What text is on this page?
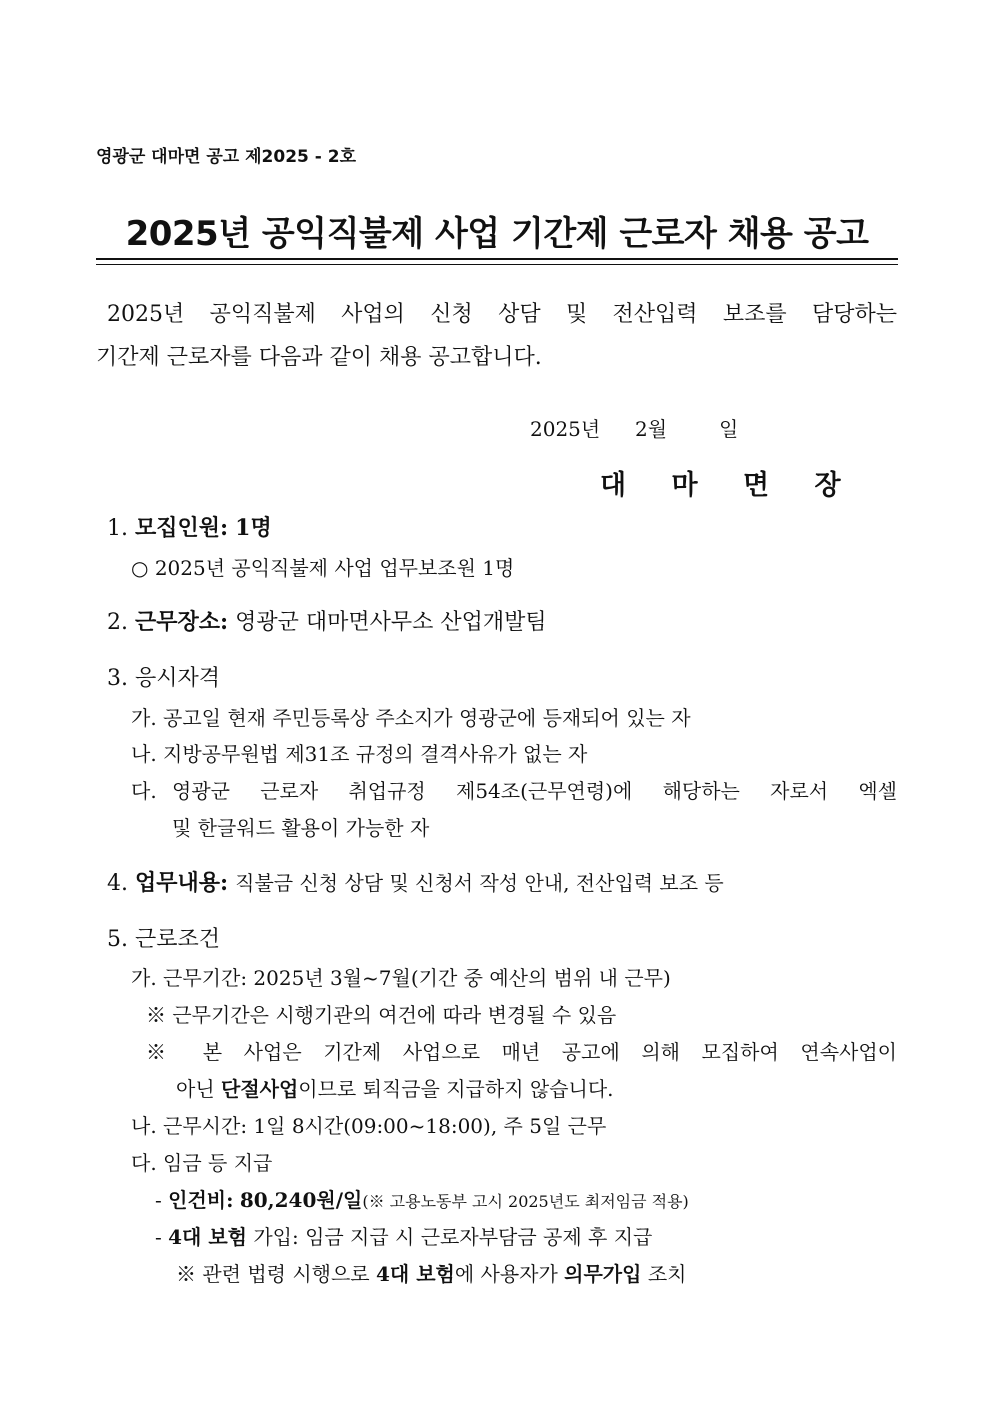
영광군 대마면 공고 제2025 - 2호
2025년 공익직불제 사업 기간제 근로자 채용 공고
2025년 공익직불제 사업의 신청 상담 및 전산입력 보조를 담당하는
기간제 근로자를 다음과 같이 채용 공고합니다.
2025년 2월	일
대 마 면 장
1. 모집인원: 1명
○ 2025년 공익직불제 사업 업무보조원 1명
2. 근무장소: 영광군 대마면사무소 산업개발팀
3. 응시자격
가. 공고일 현재 주민등록상 주소지가 영광군에 등재되어 있는 자
나. 지방공무원법 제31조 규정의 결격사유가 없는 자
다. 영광군 근로자 취업규정 제54조(근무연령)에 해당하는 자로서 엑셀
및 한글워드 활용이 가능한 자
4. 업무내용: 직불금 신청 상담 및 신청서 작성 안내, 전산입력 보조 등
5. 근로조건
가. 근무기간: 2025년 3월~7월(기간 중 예산의 범위 내 근무)
※ 근무기간은 시행기관의 여건에 따라 변경될 수 있음
※ 본 사업은 기간제 사업으로 매년 공고에 의해 모집하여 연속사업이
아닌 단절사업이므로 퇴직금을 지급하지 않습니다.
나. 근무시간: 1일 8시간(09:00~18:00), 주 5일 근무
다. 임금 등 지급
- 인건비: 80,240원/일(※ 고용노동부 고시 2025년도 최저임금 적용)
- 4대 보험 가입: 임금 지급 시 근로자부담금 공제 후 지급
※ 관련 법령 시행으로 4대 보험에 사용자가 의무가입 조치
